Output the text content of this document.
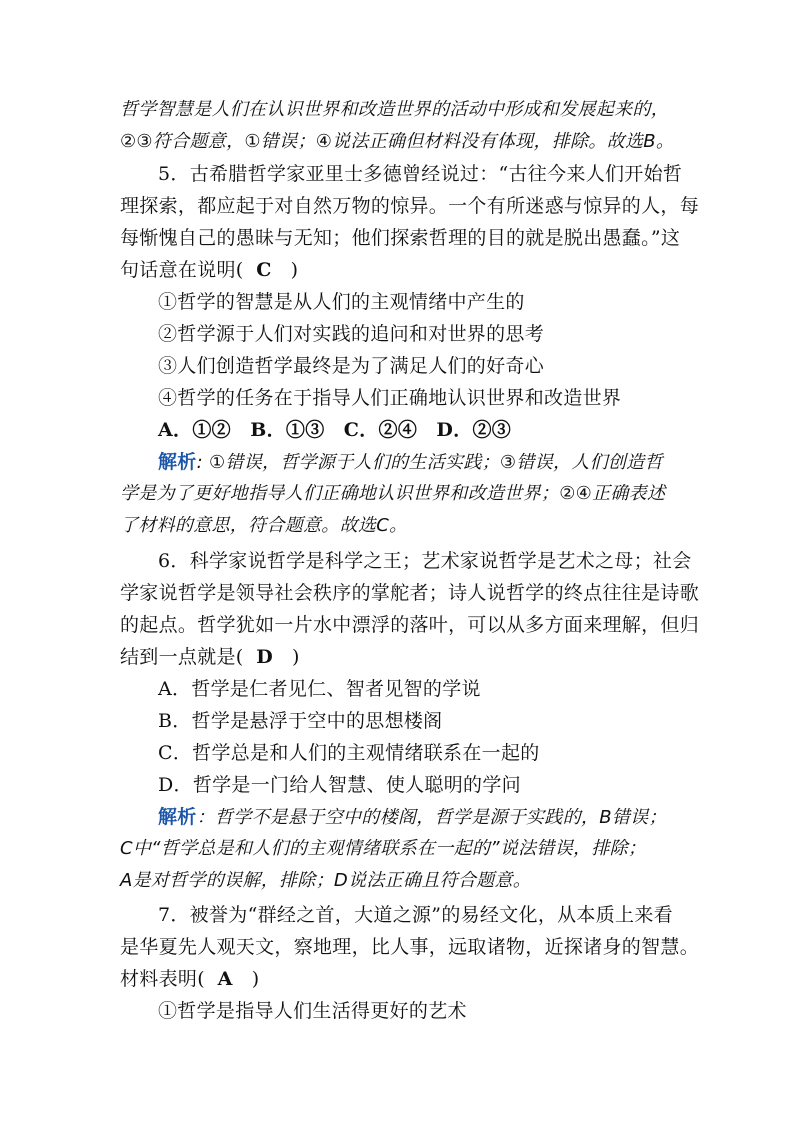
哲学智慧是人们在认识世界和改造世界的活动中形成和发展起来的，
②③符合题意，①错误；④说法正确但材料没有体现，排除。故选B。
5．古希腊哲学家亚里士多德曾经说过：“古往今来人们开始哲
理探索，都应起于对自然万物的惊异。一个有所迷惑与惊异的人，每
每惭愧自己的愚昧与无知；他们探索哲理的目的就是脱出愚蠢。”这
句话意在说明( C )
①哲学的智慧是从人们的主观情绪中产生的
②哲学源于人们对实践的追问和对世界的思考
③人们创造哲学最终是为了满足人们的好奇心
④哲学的任务在于指导人们正确地认识世界和改造世界
A．①②　B．①③　C．②④　D．②③
解析: ①错误，哲学源于人们的生活实践；③错误，人们创造哲
学是为了更好地指导人们正确地认识世界和改造世界；②④正确表述
了材料的意思，符合题意。故选C。
6．科学家说哲学是科学之王；艺术家说哲学是艺术之母；社会
学家说哲学是领导社会秩序的掌舵者；诗人说哲学的终点往往是诗歌
的起点。哲学犹如一片水中漂浮的落叶，可以从多方面来理解，但归
结到一点就是( D )
A．哲学是仁者见仁、智者见智的学说
B．哲学是悬浮于空中的思想楼阁
C．哲学总是和人们的主观情绪联系在一起的
D．哲学是一门给人智慧、使人聪明的学问
解析：哲学不是悬于空中的楼阁，哲学是源于实践的，B错误；
C中“哲学总是和人们的主观情绪联系在一起的”说法错误，排除；
A是对哲学的误解，排除；D说法正确且符合题意。
7．被誉为“群经之首，大道之源”的易经文化，从本质上来看
是华夏先人观天文，察地理，比人事，远取诸物，近探诸身的智慧。
材料表明( A )
①哲学是指导人们生活得更好的艺术
